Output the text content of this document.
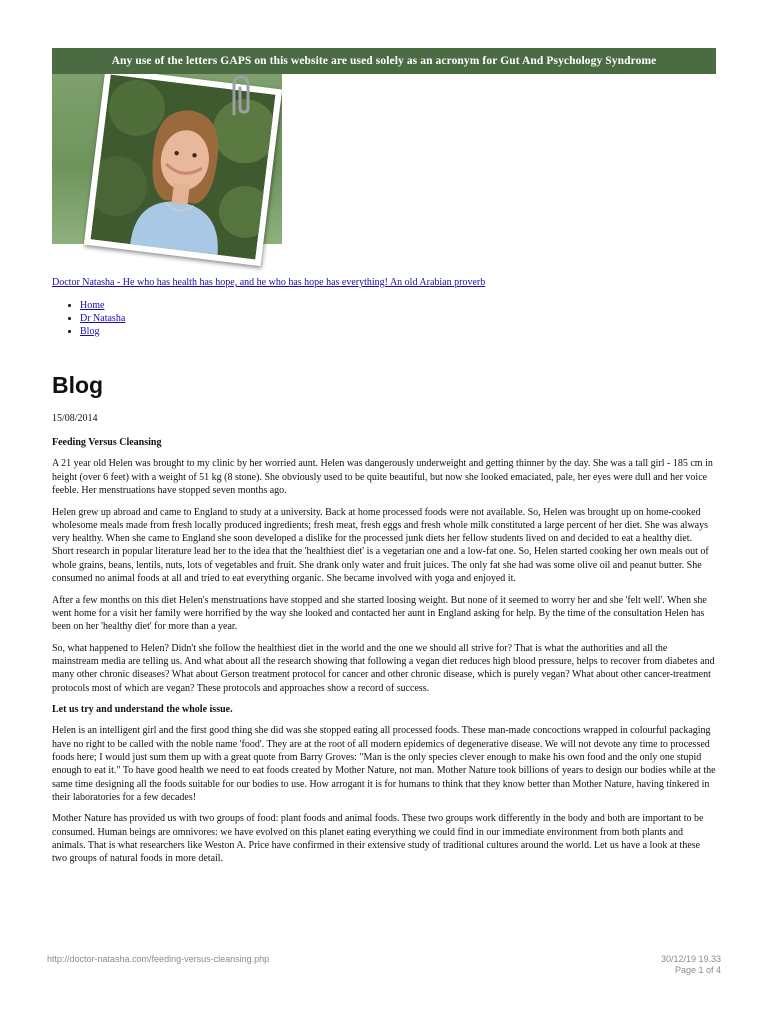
Any use of the letters GAPS on this website are used solely as an acronym for Gut And Psychology Syndrome
Doctor Natasha - He who has health has hope, and he who has hope has everything! An old Arabian proverb
• Home
• Dr Natasha
• Blog
Blog
15/08/2014

Feeding Versus Cleansing

A 21 year old Helen was brought to my clinic by her worried aunt. Helen was dangerously underweight and getting thinner by the day. She was a tall girl - 185 cm in height (over 6 feet) with a weight of 51 kg (8 stone). She obviously used to be quite beautiful, but now she looked emaciated, pale, her eyes were dull and her voice feeble. Her menstruations have stopped seven months ago.

Helen grew up abroad and came to England to study at a university. Back at home processed foods were not available. So, Helen was brought up on home-cooked wholesome meals made from fresh locally produced ingredients; fresh meat, fresh eggs and fresh whole milk constituted a large percent of her diet. She was always very healthy. When she came to England she soon developed a dislike for the processed junk diets her fellow students lived on and decided to eat a healthy diet. Short research in popular literature lead her to the idea that the 'healthiest diet' is a vegetarian one and a low-fat one. So, Helen started cooking her own meals out of whole grains, beans, lentils, nuts, lots of vegetables and fruit. She drank only water and fruit juices. The only fat she had was some olive oil and peanut butter. She consumed no animal foods at all and tried to eat everything organic. She became involved with yoga and enjoyed it.

After a few months on this diet Helen's menstruations have stopped and she started loosing weight. But none of it seemed to worry her and she 'felt well'. When she went home for a visit her family were horrified by the way she looked and contacted her aunt in England asking for help. By the time of the consultation Helen has been on her 'healthy diet' for more than a year.

So, what happened to Helen? Didn't she follow the healthiest diet in the world and the one we should all strive for? That is what the authorities and all the mainstream media are telling us. And what about all the research showing that following a vegan diet reduces high blood pressure, helps to recover from diabetes and many other chronic diseases? What about Gerson treatment protocol for cancer and other chronic disease, which is purely vegan? What about other cancer-treatment protocols most of which are vegan? These protocols and approaches show a record of success.

Let us try and understand the whole issue.

Helen is an intelligent girl and the first good thing she did was she stopped eating all processed foods. These man-made concoctions wrapped in colourful packaging have no right to be called with the noble name 'food'. They are at the root of all modern epidemics of degenerative disease. We will not devote any time to processed foods here; I would just sum them up with a great quote from Barry Groves: "Man is the only species clever enough to make his own food and the only one stupid enough to eat it." To have good health we need to eat foods created by Mother Nature, not man. Mother Nature took billions of years to design our bodies while at the same time designing all the foods suitable for our bodies to use. How arrogant it is for humans to think that they know better than Mother Nature, having tinkered in their laboratories for a few decades!

Mother Nature has provided us with two groups of food: plant foods and animal foods. These two groups work differently in the body and both are important to be consumed. Human beings are omnivores: we have evolved on this planet eating everything we could find in our immediate environment from both plants and animals. That is what researchers like Weston A. Price have confirmed in their extensive study of traditional cultures around the world. Let us have a look at these two groups of natural foods in more detail.

http://doctor-natasha.com/feeding-versus-cleansing.php	30/12/19 19.33
Page 1 of 4
